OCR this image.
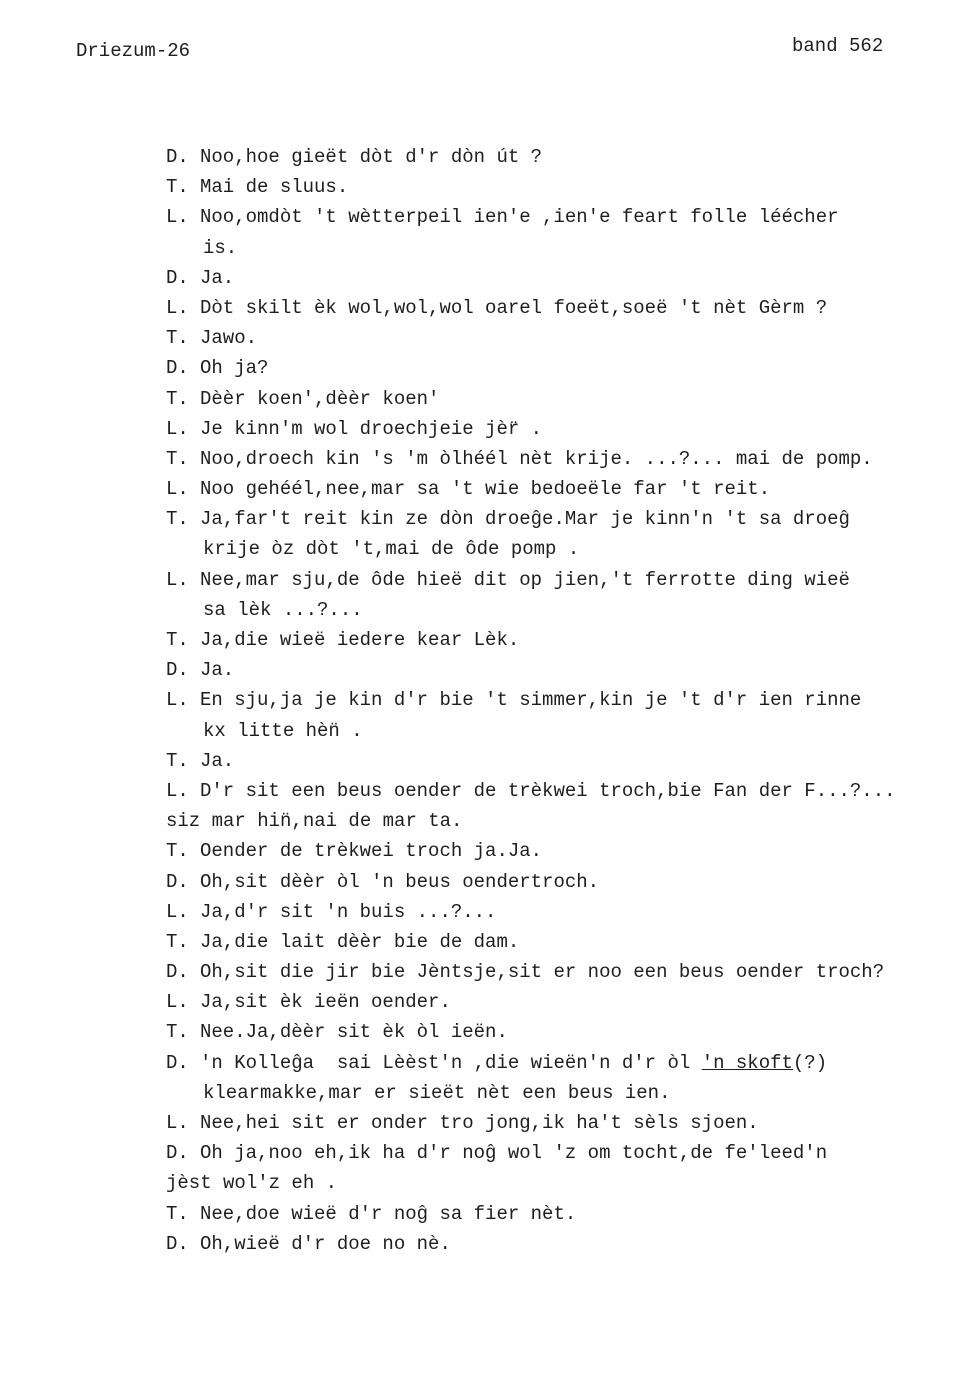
Driezum-26	band 562
D. Noo,hoe gieët dòt d'r dòn út ?
T. Mai de sluus.
L. Noo,omdòt 't wètterpeil ien'e ,ien'e feart folle léécher
is.
D. Ja.
L. Dòt skilt èk wol,wol,wol oarel foeët,soeë 't nèt Gèrm ?
T. Jawo.
D. Oh ja?
T. Dèèr koen',dèèr koen'
L. Je kinn'm wol droechjeie jèr̈ .
T. Noo,droech kin 's 'm òlhéél nèt krije. ...?... mai de pomp.
L. Noo gehéél,nee,mar sa 't wie bedoeële far 't reit.
T. Ja,far't reit kin ze dòn droeĝe.Mar je kinn'n 't sa droeĝ
krije òz dòt 't,mai de ôde pomp .
L. Nee,mar sju,de ôde hieë dit op jien,'t ferrotte ding wieë
sa lèk ...?...
T. Ja,die wieë iedere kear Lèk.
D. Ja.
L. En sju,ja je kin d'r bie 't simmer,kin je 't d'r ien rinne
kx litte hèn̈ .
T. Ja.
L. D'r sit een beus oender de trèkwei troch,bie Fan der F...?...
siz mar hin̈,nai de mar ta.
T. Oender de trèkwei troch ja.Ja.
D. Oh,sit dèèr òl 'n beus oendertroch.
L. Ja,d'r sit 'n buis ...?...
T. Ja,die lait dèèr bie de dam.
D. Oh,sit die jir bie Jèntsje,sit er noo een beus oender troch?
L. Ja,sit èk ieën oender.
T. Nee.Ja,dèèr sit èk òl ieën.
D. 'n Kolleĝa  sai Lèèst'n ,die wieën'n d'r òl 'n skoft (?)
klearmakke,mar er sieët nèt een beus ien.
L. Nee,hei sit er onder tro jong,ik ha't sèls sjoen.
D. Oh ja,noo eh,ik ha d'r noĝ wol 'z om tocht,de fe'leed'n
jèst wol'z eh .
T. Nee,doe wieë d'r noĝ sa fier nèt.
D. Oh,wieë d'r doe no nè.
